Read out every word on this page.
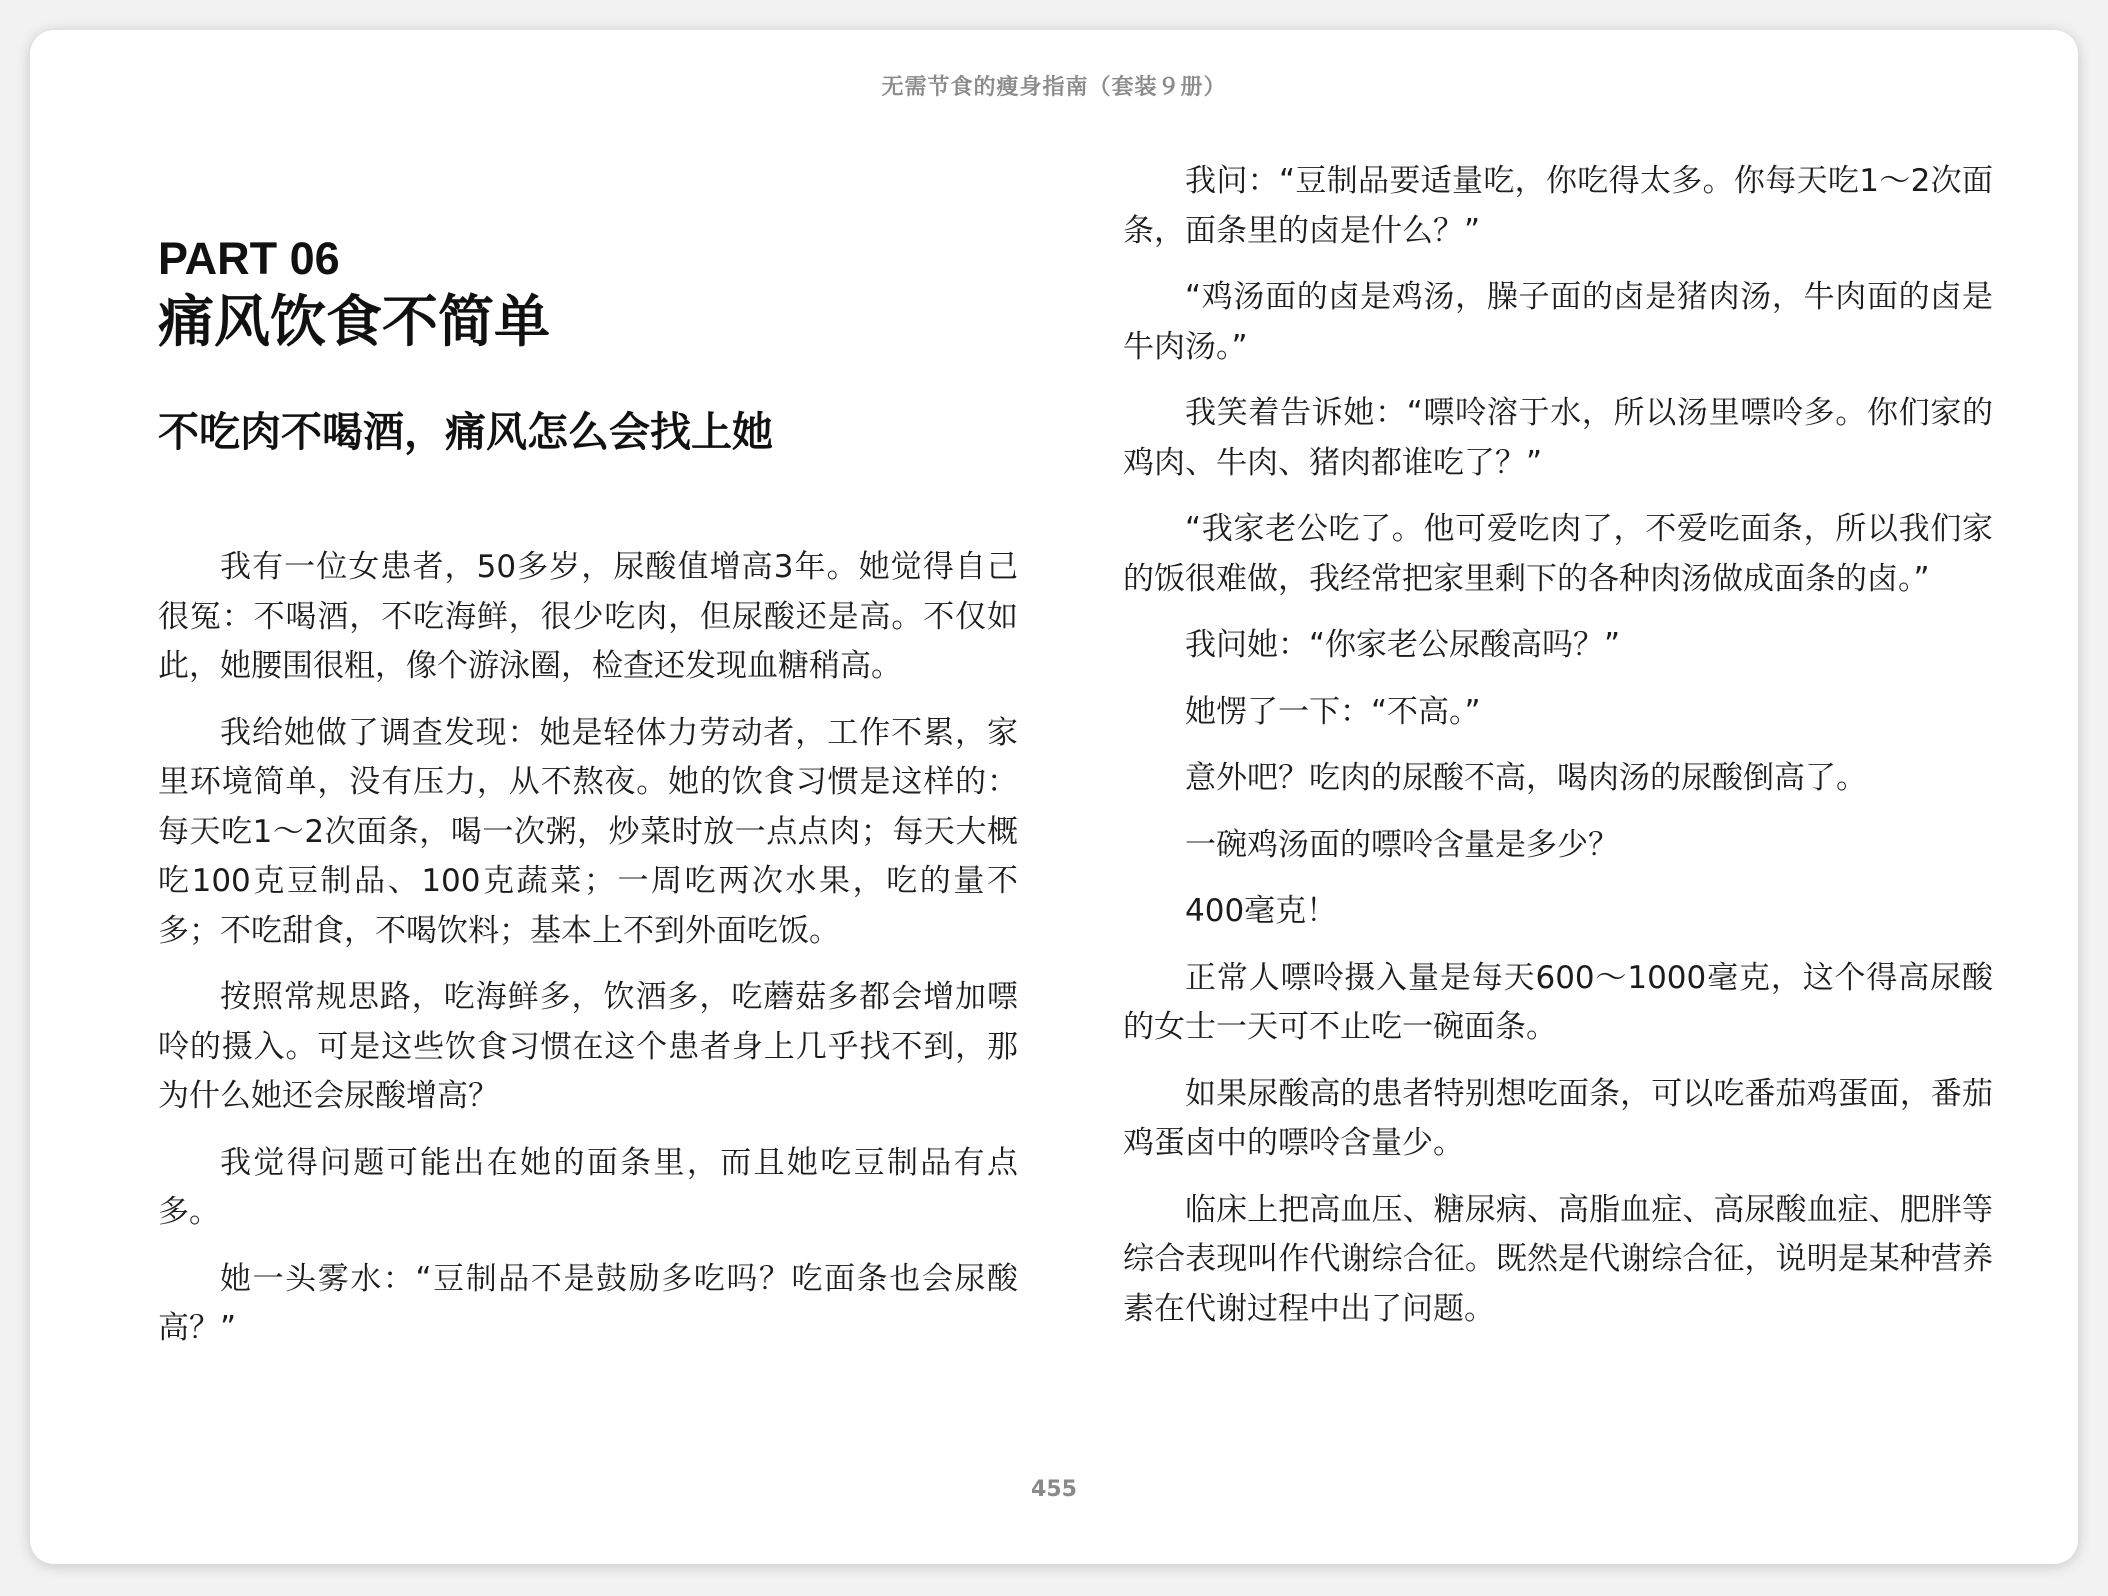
无需节食的瘦身指南（套装９册）
PART 06
痛风饮食不简单
不吃肉不喝酒，痛风怎么会找上她

我有一位女患者，50多岁，尿酸值增高3年。她觉得自己很冤：不喝酒，不吃海鲜，很少吃肉，但尿酸还是高。不仅如此，她腰围很粗，像个游泳圈，检查还发现血糖稍高。

我给她做了调查发现：她是轻体力劳动者，工作不累，家里环境简单，没有压力，从不熬夜。她的饮食习惯是这样的：每天吃1～2次面条，喝一次粥，炒菜时放一点点肉；每天大概吃100克豆制品、100克蔬菜；一周吃两次水果，吃的量不多；不吃甜食，不喝饮料；基本上不到外面吃饭。

按照常规思路，吃海鲜多，饮酒多，吃蘑菇多都会增加嘌呤的摄入。可是这些饮食习惯在这个患者身上几乎找不到，那为什么她还会尿酸增高？

我觉得问题可能出在她的面条里，而且她吃豆制品有点多。

她一头雾水：“豆制品不是鼓励多吃吗？吃面条也会尿酸高？”

我问：“豆制品要适量吃，你吃得太多。你每天吃1～2次面条，面条里的卤是什么？”

“鸡汤面的卤是鸡汤，臊子面的卤是猪肉汤，牛肉面的卤是牛肉汤。”

我笑着告诉她：“嘌呤溶于水，所以汤里嘌呤多。你们家的鸡肉、牛肉、猪肉都谁吃了？”

“我家老公吃了。他可爱吃肉了，不爱吃面条，所以我们家的饭很难做，我经常把家里剩下的各种肉汤做成面条的卤。”

我问她：“你家老公尿酸高吗？”

她愣了一下：“不高。”

意外吧？吃肉的尿酸不高，喝肉汤的尿酸倒高了。

一碗鸡汤面的嘌呤含量是多少？

400毫克！

正常人嘌呤摄入量是每天600～1000毫克，这个得高尿酸的女士一天可不止吃一碗面条。

如果尿酸高的患者特别想吃面条，可以吃番茄鸡蛋面，番茄鸡蛋卤中的嘌呤含量少。

临床上把高血压、糖尿病、高脂血症、高尿酸血症、肥胖等综合表现叫作代谢综合征。既然是代谢综合征，说明是某种营养素在代谢过程中出了问题。

455
